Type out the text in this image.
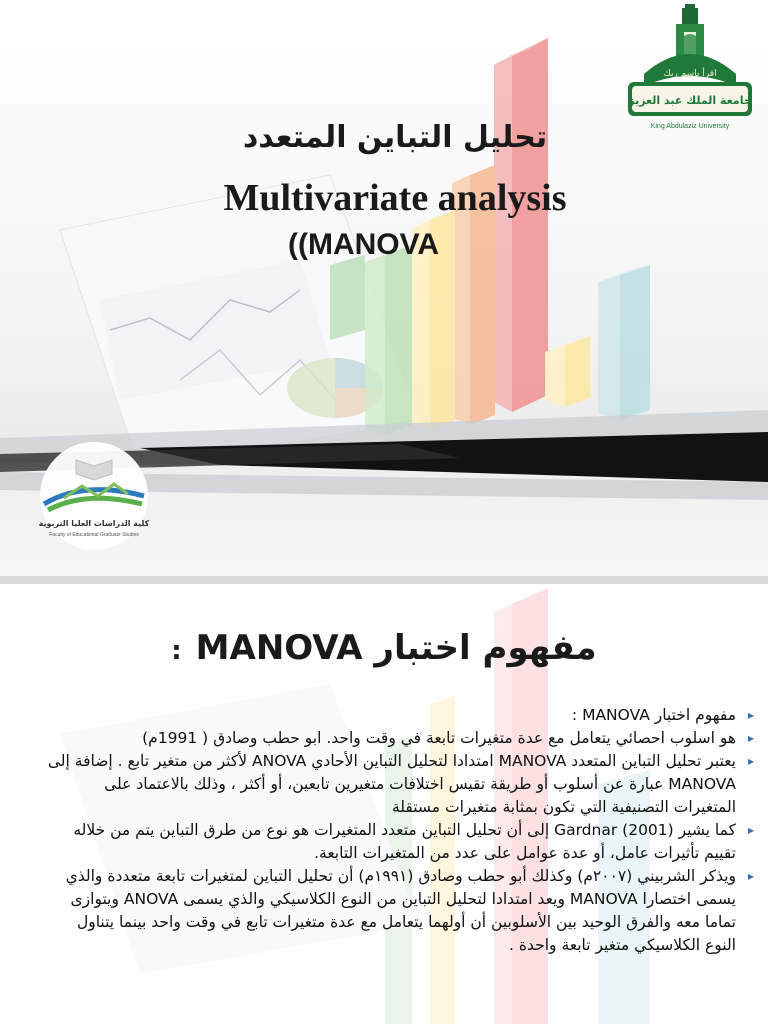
جامعة الملك عبد العزيز
King Abdulaziz University
اقرأ باسم ربك
كلية الدراسات العليا التربوية
Faculty of Educational Graduate Studies
تحليل التباين المتعدد
Multivariate analysis
((MANOVA
مفهوم اختبار MANOVA:
▸ مفهوم اختبار MANOVA :
▸ هو اسلوب احصائي يتعامل مع عدة متغيرات تابعة في وقت واحد. ابو حطب وصادق ( 1991م)
▸ يعتبر تحليل التباين المتعدد MANOVA امتدادا لتحليل التباين الأحادي ANOVA لأكثر من متغير تابع . إضافة إلى MANOVA عبارة عن أسلوب أو طريقة تقيس اختلافات متغيرين تابعين، أو أكثر ، وذلك بالاعتماد على المتغيرات التصنيفية التي تكون بمثابة متغيرات مستقلة
▸ كما يشير (2001) Gardnar إلى أن تحليل التباين متعدد المتغيرات هو نوع من طرق التباين يتم من خلاله تقييم تأثيرات عامل، أو عدة عوامل على عدد من المتغيرات التابعة.
▸ ويذكر الشربيني (٢٠٠٧م) وكذلك أبو حطب وصادق (١٩٩١م) أن تحليل التباين لمتغيرات تابعة متعددة والذي يسمى اختصارا MANOVA ويعد امتدادا لتحليل التباين من النوع الكلاسيكي والذي يسمى ANOVA ويتوازى تماما معه والفرق الوحيد بين الأسلوبين أن أولهما يتعامل مع عدة متغيرات تابع في وقت واحد بينما يتناول النوع الكلاسيكي متغير تابعة واحدة .
